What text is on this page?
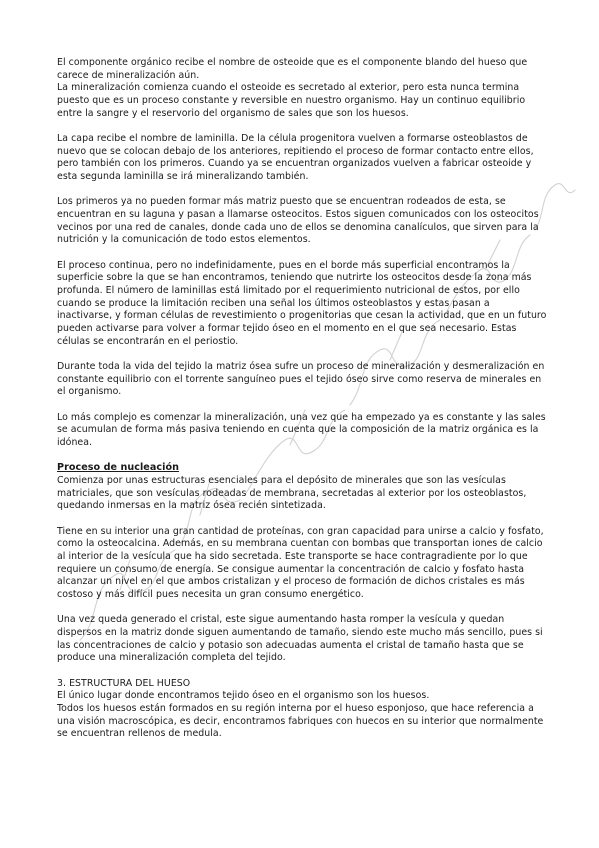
El componente orgánico recibe el nombre de osteoide que es el componente blando del hueso que carece de mineralización aún.

La mineralización comienza cuando el osteoide es secretado al exterior, pero esta nunca termina puesto que es un proceso constante y reversible en nuestro organismo. Hay un continuo equilibrio entre la sangre y el reservorio del organismo de sales que son los huesos.

La capa recibe el nombre de laminilla. De la célula progenitora vuelven a formarse osteoblastos de nuevo que se colocan debajo de los anteriores, repitiendo el proceso de formar contacto entre ellos, pero también con los primeros. Cuando ya se encuentran organizados vuelven a fabricar osteoide y esta segunda laminilla se irá mineralizando también.

Los primeros ya no pueden formar más matriz puesto que se encuentran rodeados de esta, se encuentran en su laguna y pasan a llamarse osteocitos. Estos siguen comunicados con los osteocitos vecinos por una red de canales, donde cada uno de ellos se denomina canalículos, que sirven para la nutrición y la comunicación de todo estos elementos.

El proceso continua, pero no indefinidamente, pues en el borde más superficial encontramos la superficie sobre la que se han encontramos, teniendo que nutrirte los osteocitos desde la zona más profunda. El número de laminillas está limitado por el requerimiento nutricional de estos, por ello cuando se produce la limitación reciben una señal los últimos osteoblastos y estas pasan a inactivarse, y forman células de revestimiento o progenitorias que cesan la actividad, que en un futuro pueden activarse para volver a formar tejido óseo en el momento en el que sea necesario. Estas células se encontrarán en el periostio.

Durante toda la vida del tejido la matriz ósea sufre un proceso de mineralización y desmeralización en constante equilibrio con el torrente sanguíneo pues el tejido óseo sirve como reserva de minerales en el organismo.

Lo más complejo es comenzar la mineralización, una vez que ha empezado ya es constante y las sales se acumulan de forma más pasiva teniendo en cuenta que la composición de la matriz orgánica es la idónea.

Proceso de nucleación

Comienza por unas estructuras esenciales para el depósito de minerales que son las vesículas matriciales, que son vesículas rodeadas de membrana, secretadas al exterior por los osteoblastos, quedando inmersas en la matriz ósea recién sintetizada.

Tiene en su interior una gran cantidad de proteínas, con gran capacidad para unirse a calcio y fosfato, como la osteocalcina. Además, en su membrana cuentan con bombas que transportan iones de calcio al interior de la vesícula que ha sido secretada. Este transporte se hace contragradiente por lo que requiere un consumo de energía. Se consigue aumentar la concentración de calcio y fosfato hasta alcanzar un nivel en el que ambos cristalizan y el proceso de formación de dichos cristales es más costoso y más difícil pues necesita un gran consumo energético.

Una vez queda generado el cristal, este sigue aumentando hasta romper la vesícula y quedan dispersos en la matriz donde siguen aumentando de tamaño, siendo este mucho más sencillo, pues si las concentraciones de calcio y potasio son adecuadas aumenta el cristal de tamaño hasta que se produce una mineralización completa del tejido.

3. ESTRUCTURA DEL HUESO

El único lugar donde encontramos tejido óseo en el organismo son los huesos.

Todos los huesos están formados en su región interna por el hueso esponjoso, que hace referencia a una visión macroscópica, es decir, encontramos fabriques con huecos en su interior que normalmente se encuentran rellenos de medula.
